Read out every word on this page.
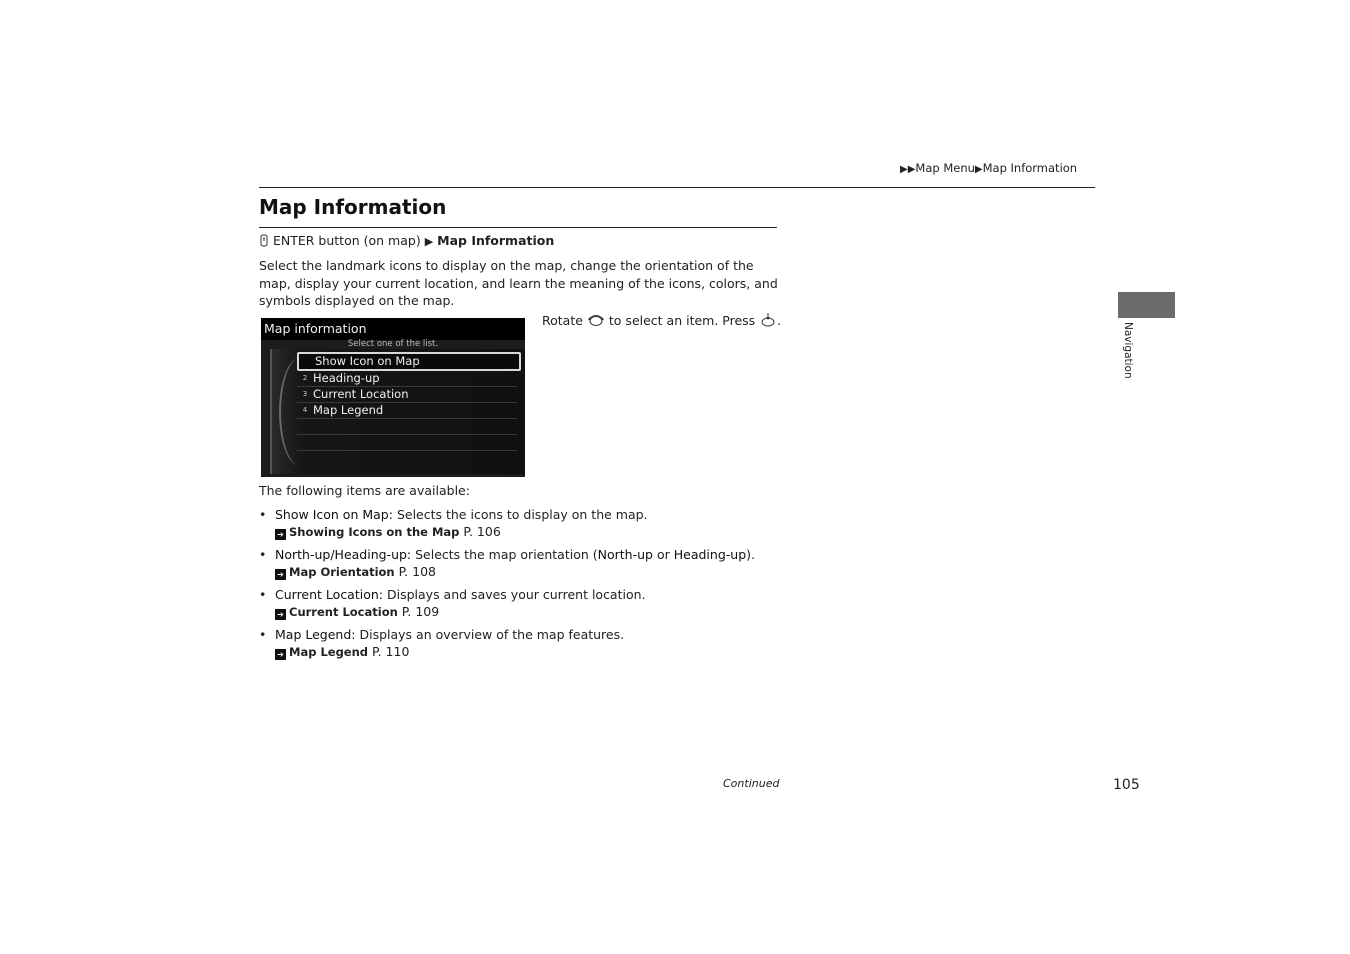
▶▶Map Menu▶Map Information
Map Information
ENTER button (on map) ▶ Map Information
Select the landmark icons to display on the map, change the orientation of the map, display your current location, and learn the meaning of the icons, colors, and symbols displayed on the map.
Map information
Select one of the list.
Show Icon on Map
2 Heading-up
3 Current Location
4 Map Legend
Rotate to select an item. Press .
The following items are available:
• Show Icon on Map: Selects the icons to display on the map.
➔ Showing Icons on the Map P. 106
• North-up/Heading-up: Selects the map orientation (North-up or Heading-up).
➔ Map Orientation P. 108
• Current Location: Displays and saves your current location.
➔ Current Location P. 109
• Map Legend: Displays an overview of the map features.
➔ Map Legend P. 110
Navigation
Continued	105
